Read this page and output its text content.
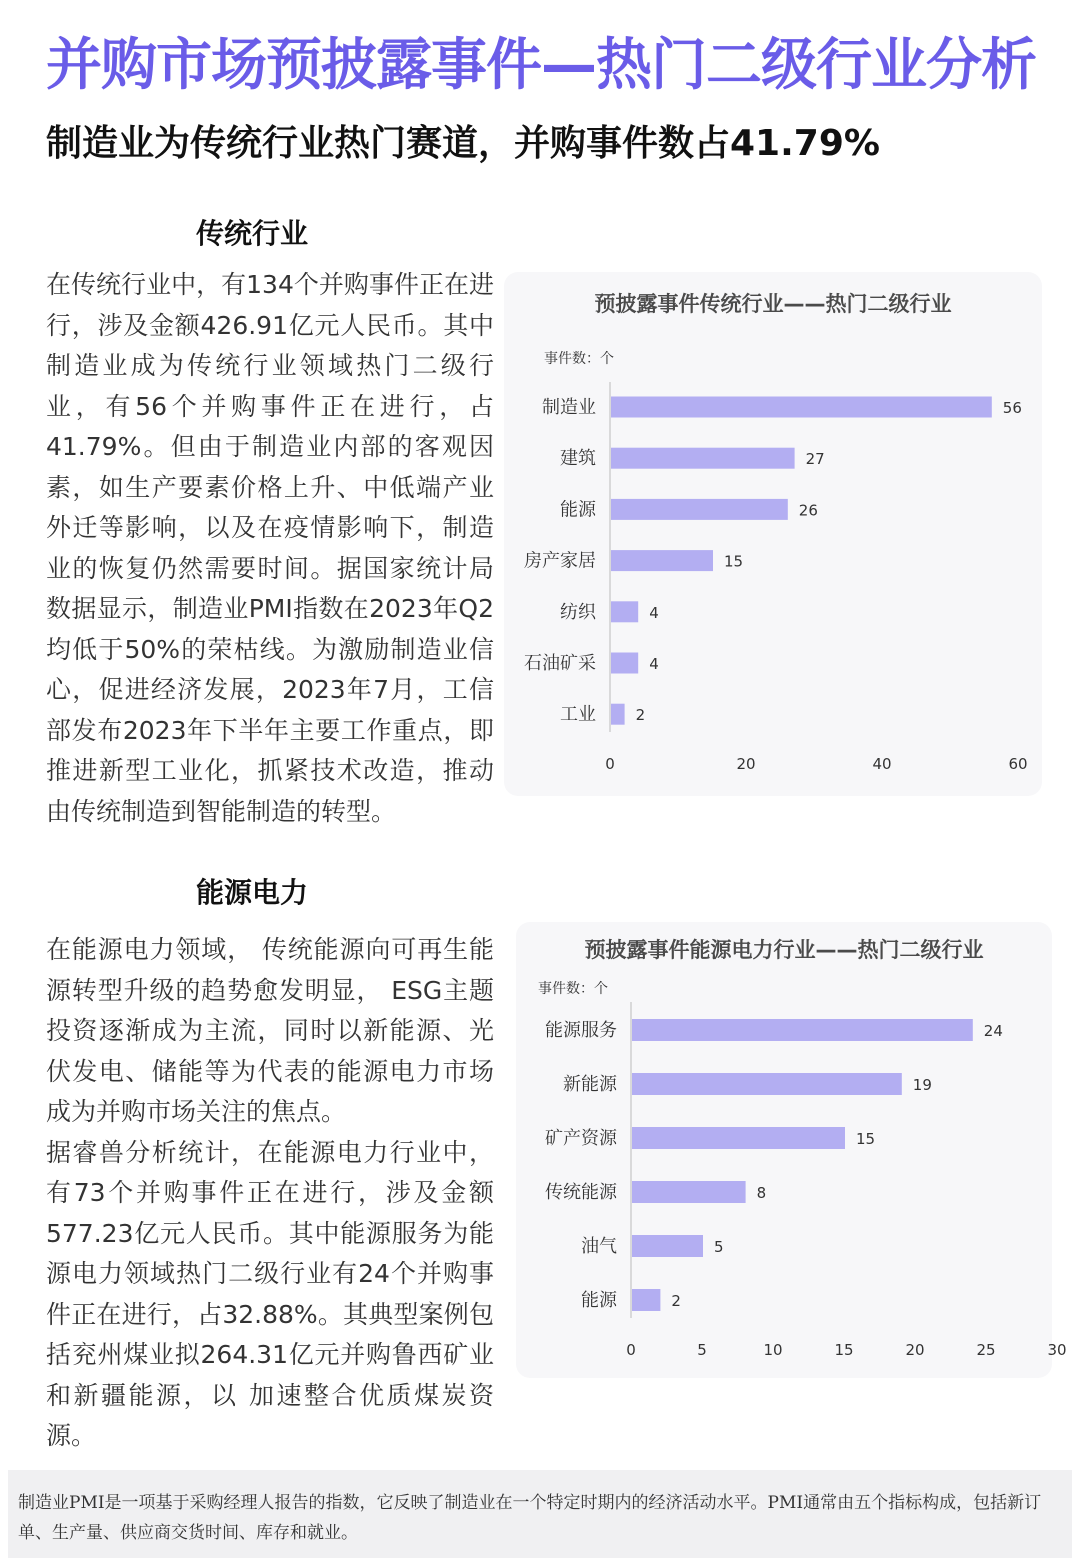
并购市场预披露事件—热门二级行业分析
制造业为传统行业热门赛道，并购事件数占41.79%
传统行业

在传统行业中，有134个并购事件正在进行，涉及金额426.91亿元人民币。其中制造业成为传统行业领域热门二级行业，有56个并购事件正在进行，占41.79%。但由于制造业内部的客观因素，如生产要素价格上升、中低端产业外迁等影响，以及在疫情影响下，制造业的恢复仍然需要时间。据国家统计局数据显示，制造业PMI指数在2023年Q2均低于50%的荣枯线。为激励制造业信心，促进经济发展，2023年7月，工信部发布2023年下半年主要工作重点，即推进新型工业化，抓紧技术改造，推动由传统制造到智能制造的转型。

预披露事件传统行业——热门二级行业
事件数：个
制造业	56
建筑	27
能源	26
房产家居	15
纺织	4
石油矿采	4
工业	2
0	20	40	60
能源电力

在能源电力领域， 传统能源向可再生能源转型升级的趋势愈发明显， ESG主题投资逐渐成为主流，同时以新能源、光伏发电、储能等为代表的能源电力市场成为并购市场关注的焦点。

据睿兽分析统计，在能源电力行业中，有73个并购事件正在进行，涉及金额577.23亿元人民币。其中能源服务为能源电力领域热门二级行业有24个并购事件正在进行，占32.88%。其典型案例包括兖州煤业拟264.31亿元并购鲁西矿业和新疆能源，以 加速整合优质煤炭资源。

预披露事件能源电力行业——热门二级行业
事件数：个
能源服务	24
新能源	19
矿产资源	15
传统能源	8
油气	5
能源	2
0	5	10	15	20	25	30
制造业PMI是一项基于采购经理人报告的指数，它反映了制造业在一个特定时期内的经济活动水平。PMI通常由五个指标构成，包括新订单、生产量、供应商交货时间、库存和就业。
